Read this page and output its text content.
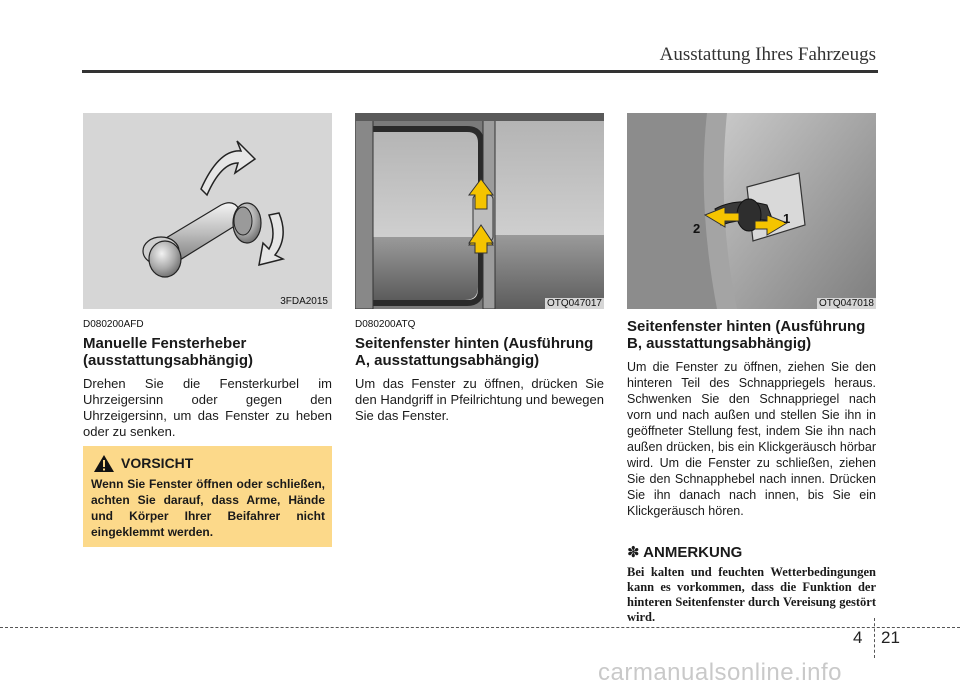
Ausstattung Ihres Fahrzeugs
3FDA2015
D080200AFD
Manuelle Fensterheber (ausstattungsabhängig)
Drehen Sie die Fensterkurbel im Uhrzeigersinn oder gegen den Uhrzeigersinn, um das Fenster zu heben oder zu senken.
VORSICHT
Wenn Sie Fenster öffnen oder schließen, achten Sie darauf, dass Arme, Hände und Körper Ihrer Beifahrer nicht eingeklemmt werden.
OTQ047017
D080200ATQ
Seitenfenster hinten (Ausführung A, ausstattungsabhängig)
Um das Fenster zu öffnen, drücken Sie den Handgriff in Pfeilrichtung und bewegen Sie das Fenster.
2
1
OTQ047018
Seitenfenster hinten (Ausführung B, ausstattungsabhängig)
Um die Fenster zu öffnen, ziehen Sie den hinteren Teil des Schnappriegels heraus. Schwenken Sie den Schnappriegel nach vorn und nach außen und stellen Sie ihn in geöffneter Stellung fest, indem Sie ihn nach außen drücken, bis ein Klickgeräusch hörbar wird. Um die Fenster zu schließen, ziehen Sie den Schnapphebel nach innen. Drücken Sie ihn danach nach innen, bis Sie ein Klickgeräusch hören.
✽ ANMERKUNG
Bei kalten und feuchten Wetterbedingungen kann es vorkommen, dass die Funktion der hinteren Seitenfenster durch Vereisung gestört wird.
4 21
carmanualsonline.info
